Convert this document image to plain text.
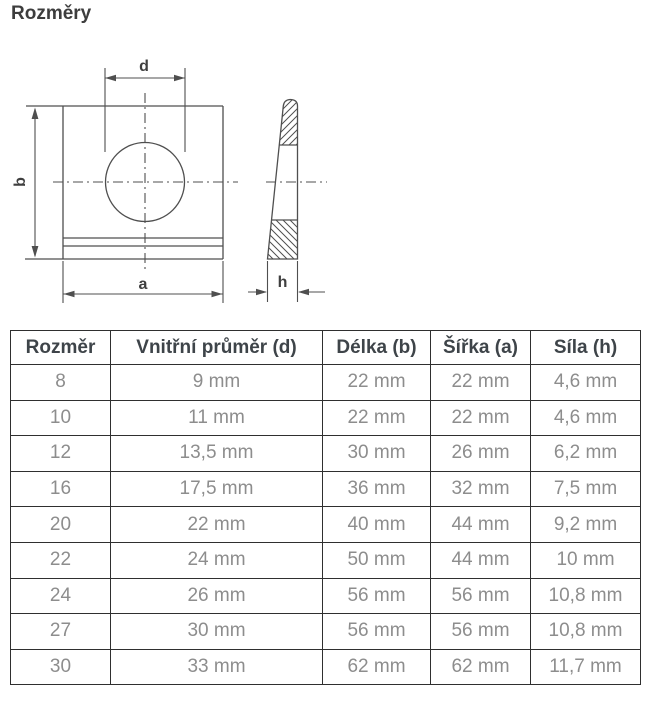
Rozměry
d
b
a	h
Rozměr	Vnitřní průměr (d)	Délka (b)	Šířka (a)	Síla (h)
8	9 mm	22 mm	22 mm	4,6 mm
10	11 mm	22 mm	22 mm	4,6 mm
12	13,5 mm	30 mm	26 mm	6,2 mm
16	17,5 mm	36 mm	32 mm	7,5 mm
20	22 mm	40 mm	44 mm	9,2 mm
22	24 mm	50 mm	44 mm	10 mm
24	26 mm	56 mm	56 mm	10,8 mm
27	30 mm	56 mm	56 mm	10,8 mm
30	33 mm	62 mm	62 mm	11,7 mm
